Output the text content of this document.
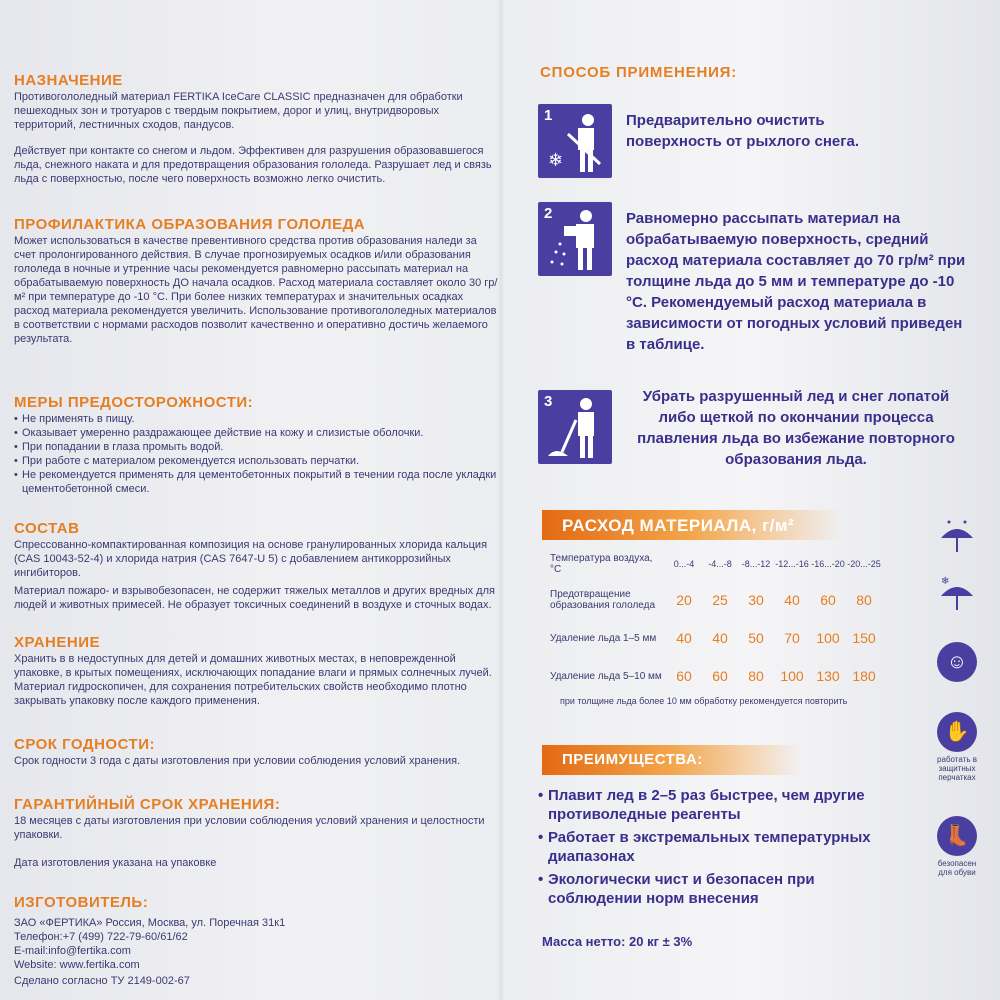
НАЗНАЧЕНИЕ

Противогололедный материал FERTIKA IceCare CLASSIC предназначен для обработки пешеходных зон и тротуаров с твердым покрытием, дорог и улиц, внутридворовых территорий, лестничных сходов, пандусов.

Действует при контакте со снегом и льдом. Эффективен для разрушения образовавшегося льда, снежного наката и для предотвращения образования гололеда. Разрушает лед и связь льда с поверхностью, после чего поверхность возможно легко очистить.

ПРОФИЛАКТИКА ОБРАЗОВАНИЯ ГОЛОЛЕДА

Может использоваться в качестве превентивного средства против образования наледи за счет пролонгированного действия. В случае прогнозируемых осадков и/или образования гололеда в ночные и утренние часы рекомендуется равномерно рассыпать материал на обрабатываемую поверхность ДО начала осадков. Расход материала составляет около 30 гр/м² при температуре до -10 °С. При более низких температурах и значительных осадках расход материала рекомендуется увеличить. Использование противогололедных материалов в соответствии с нормами расходов позволит качественно и оперативно достичь желаемого результата.

МЕРЫ ПРЕДОСТОРОЖНОСТИ:
• Не применять в пищу.
• Оказывает умеренно раздражающее действие на кожу и слизистые оболочки.
• При попадании в глаза промыть водой.
• При работе с материалом рекомендуется использовать перчатки.
• Не рекомендуется применять для цементобетонных покрытий в течении года после укладки цементобетонной смеси.
СОСТАВ

Спрессованно-компактированная композиция на основе гранулированных хлорида кальция (CAS 10043-52-4) и хлорида натрия (CAS 7647-U 5) с добавлением антикоррозийных ингибиторов.

Материал пожаро- и взрывобезопасен, не содержит тяжелых металлов и других вредных для людей и животных примесей. Не образует токсичных соединений в воздухе и сточных водах.

ХРАНЕНИЕ

Хранить в в недоступных для детей и домашних животных местах, в неповрежденной упаковке, в крытых помещениях, исключающих попадание влаги и прямых солнечных лучей. Материал гидроскопичен, для сохранения потребительских свойств необходимо плотно закрывать упаковку после каждого применения.

СРОК ГОДНОСТИ:

Срок годности 3 года с даты изготовления при условии соблюдения условий хранения.

ГАРАНТИЙНЫЙ СРОК ХРАНЕНИЯ:

18 месяцев с даты изготовления при условии соблюдения условий хранения и целостности упаковки.

Дата изготовления указана на упаковке

ИЗГОТОВИТЕЛЬ:

ЗАО «ФЕРТИКА» Россия, Москва, ул. Поречная 31к1

Телефон:+7 (499) 722-79-60/61/62

E-mail:info@fertika.com

Website: www.fertika.com

Сделано согласно ТУ 2149-002-67

СПОСОБ ПРИМЕНЕНИЯ:
1
❄
Предварительно очистить поверхность от рыхлого снега.
2	Равномерно рассыпать материал на обрабатываемую поверхность, средний расход материала составляет до 70 гр/м² при толщине льда до 5 мм и температуре до -10 °С. Рекомендуемый расход материала в зависимости от погодных условий приведен в таблице.
3	Убрать разрушенный лед и снег лопатой либо щеткой по окончании процесса плавления льда во избежание повторного образования льда.
РАСХОД МАТЕРИАЛА, г/м²
Температура воздуха, °С	0...-4	-4...-8	-8...-12	-12...-16	-16...-20	-20...-25
Предотвращение образования гололеда	20	25	30	40	60	80
Удаление льда 1–5 мм	40	40	50	70	100	150
Удаление льда 5–10 мм	60	60	80	100	130	180
при толщине льда более 10 мм обработку рекомендуется повторить
ПРЕИМУЩЕСТВА:
• Плавит лед в 2–5 раз быстрее, чем другие противоледные реагенты
• Работает в экстремальных температурных диапазонах
• Экологически чист и безопасен при соблюдении норм внесения
Масса нетто: 20 кг ± 3%
❄
☺
✋
работать в защитных перчатках
👢
безопасен для обуви
